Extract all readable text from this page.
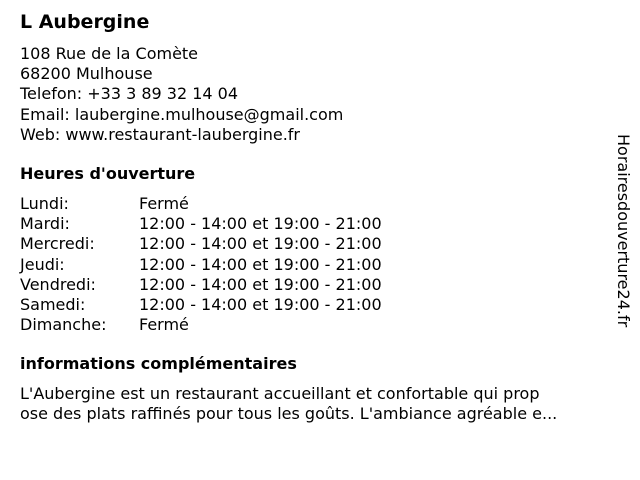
L Aubergine
108 Rue de la Comète
68200 Mulhouse
Telefon: +33 3 89 32 14 04
Email: laubergine.mulhouse@gmail.com
Web: www.restaurant-laubergine.fr
Heures d'ouverture
Lundi:	Fermé
Mardi:	12:00 - 14:00 et 19:00 - 21:00
Mercredi:	12:00 - 14:00 et 19:00 - 21:00
Jeudi:	12:00 - 14:00 et 19:00 - 21:00
Vendredi:	12:00 - 14:00 et 19:00 - 21:00
Samedi:	12:00 - 14:00 et 19:00 - 21:00
Dimanche:	Fermé
informations complémentaires
L'Aubergine est un restaurant accueillant et confortable qui prop
ose des plats raffinés pour tous les goûts. L'ambiance agréable e...
Horairesdouverture24.fr
